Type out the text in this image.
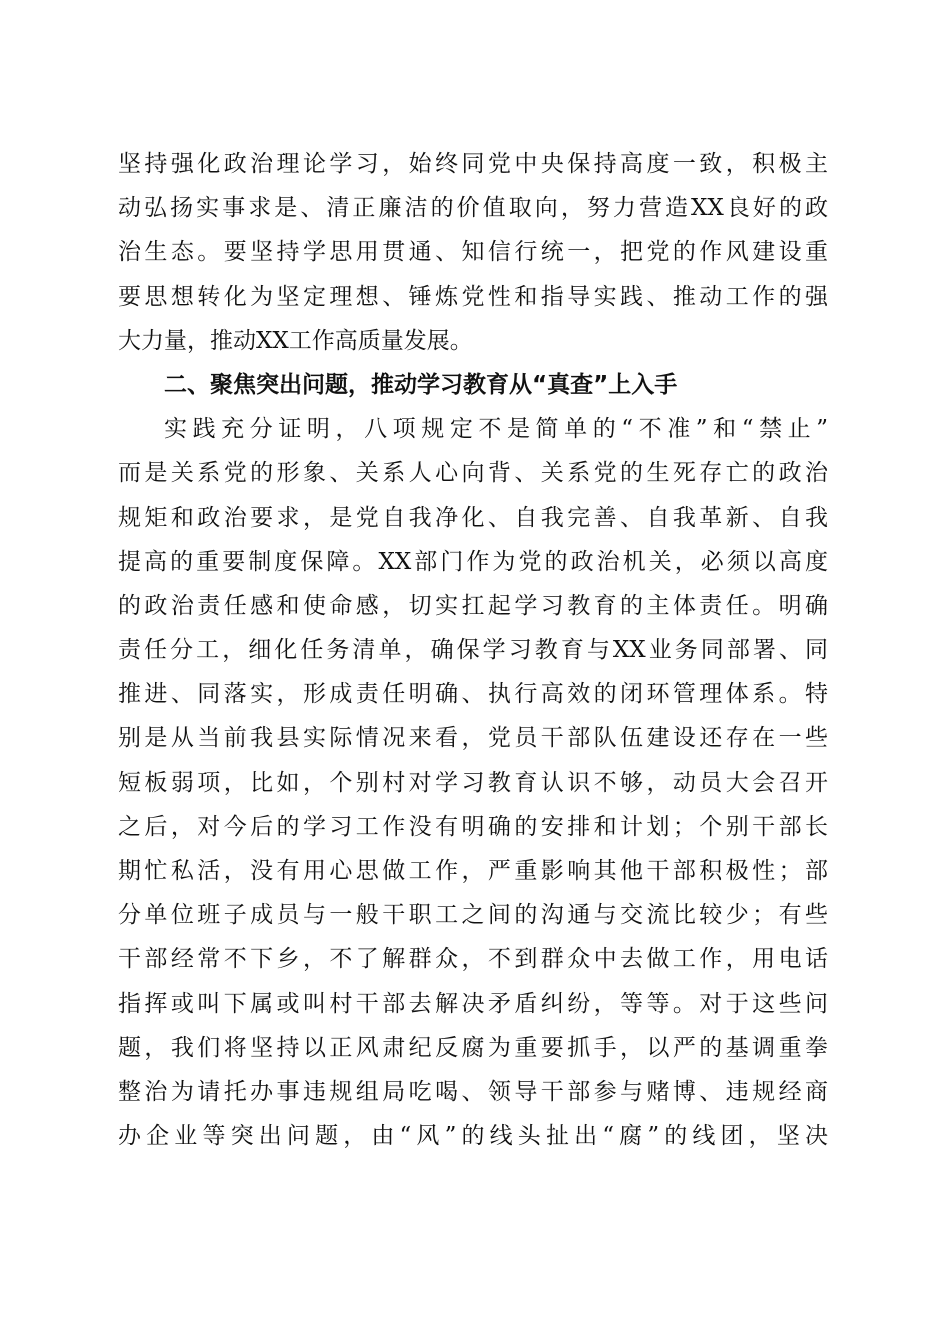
坚持强化政治理论学习，始终同党中央保持高度一致，积极主
动弘扬实事求是、清正廉洁的价值取向，努力营造XX良好的政
治生态。要坚持学思用贯通、知信行统一，把党的作风建设重
要思想转化为坚定理想、锤炼党性和指导实践、推动工作的强
大力量，推动XX工作高质量发展。
二、聚焦突出问题，推动学习教育从“真查”上入手
实践充分证明，八项规定不是简单的“不准”和“禁止”
而是关系党的形象、关系人心向背、关系党的生死存亡的政治
规矩和政治要求，是党自我净化、自我完善、自我革新、自我
提高的重要制度保障。XX部门作为党的政治机关，必须以高度
的政治责任感和使命感，切实扛起学习教育的主体责任。明确
责任分工，细化任务清单，确保学习教育与XX业务同部署、同
推进、同落实，形成责任明确、执行高效的闭环管理体系。特
别是从当前我县实际情况来看，党员干部队伍建设还存在一些
短板弱项，比如，个别村对学习教育认识不够，动员大会召开
之后，对今后的学习工作没有明确的安排和计划；个别干部长
期忙私活，没有用心思做工作，严重影响其他干部积极性；部
分单位班子成员与一般干职工之间的沟通与交流比较少；有些
干部经常不下乡，不了解群众，不到群众中去做工作，用电话
指挥或叫下属或叫村干部去解决矛盾纠纷，等等。对于这些问
题，我们将坚持以正风肃纪反腐为重要抓手，以严的基调重拳
整治为请托办事违规组局吃喝、领导干部参与赌博、违规经商
办企业等突出问题，由“风”的线头扯出“腐”的线团，坚决
